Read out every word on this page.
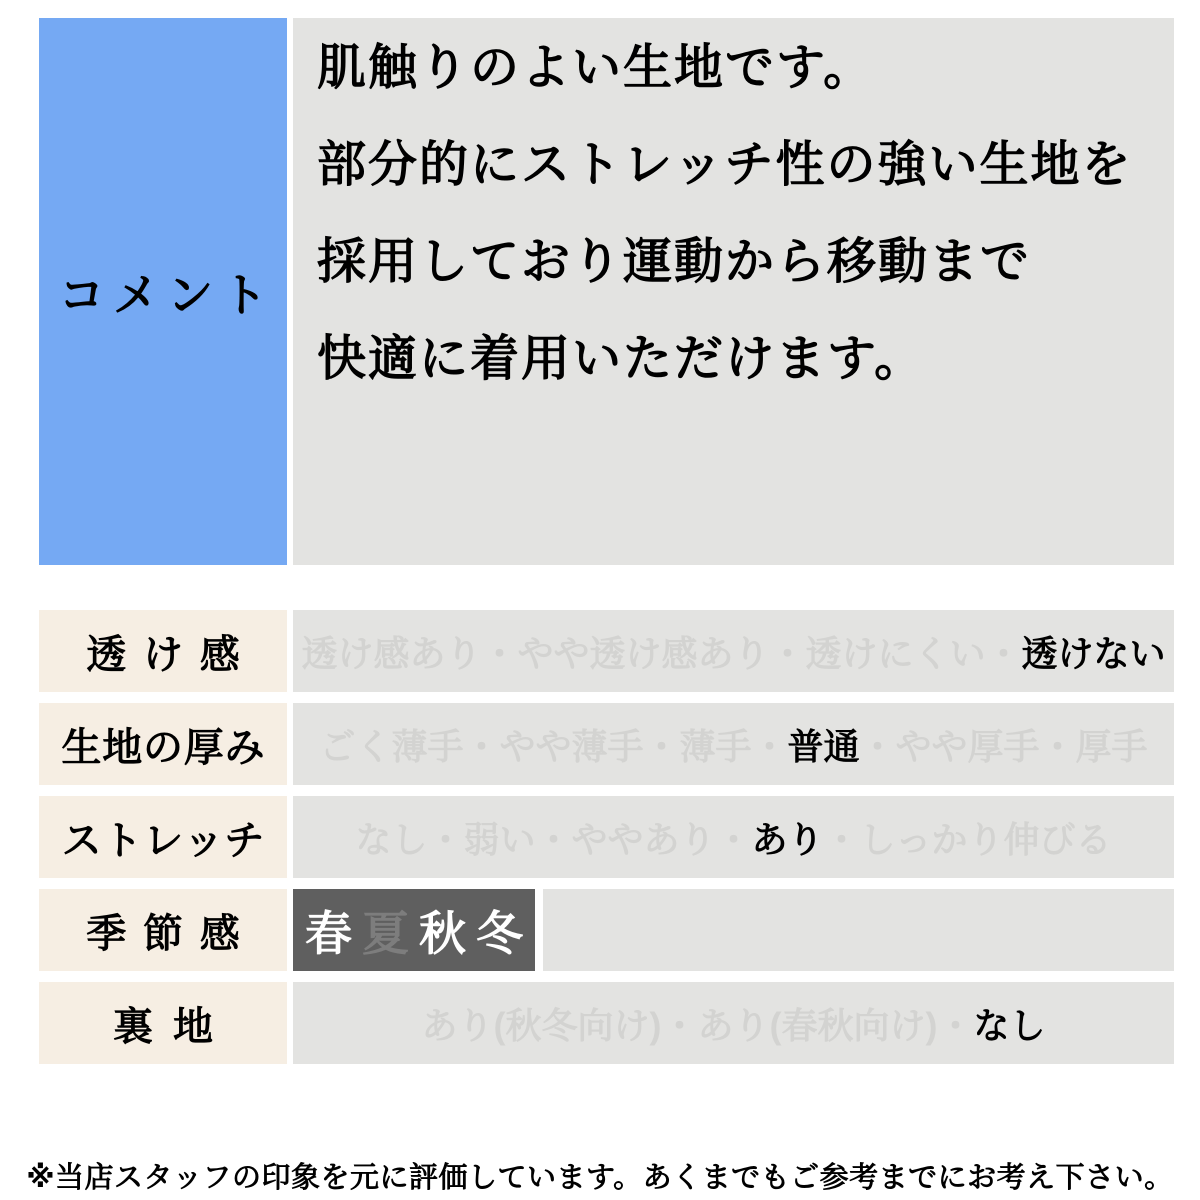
コメント
肌触りのよい生地です。
部分的にストレッチ性の強い生地を
採用しており運動から移動まで
快適に着用いただけます。
透け感 透け感あり・やや透け感あり・透けにくい・ 透けない
生地の厚み ごく薄手・やや薄手・薄手・ 普通 ・やや厚手・厚手
ストレッチ	なし・弱い・ややあり・ あり ・しっかり伸びる
季節感 春 夏 秋 冬
裏地	あり(秋冬向け)・あり(春秋向け)・ なし
※当店スタッフの印象を元に評価しています。あくまでもご参考までにお考え下さい。
